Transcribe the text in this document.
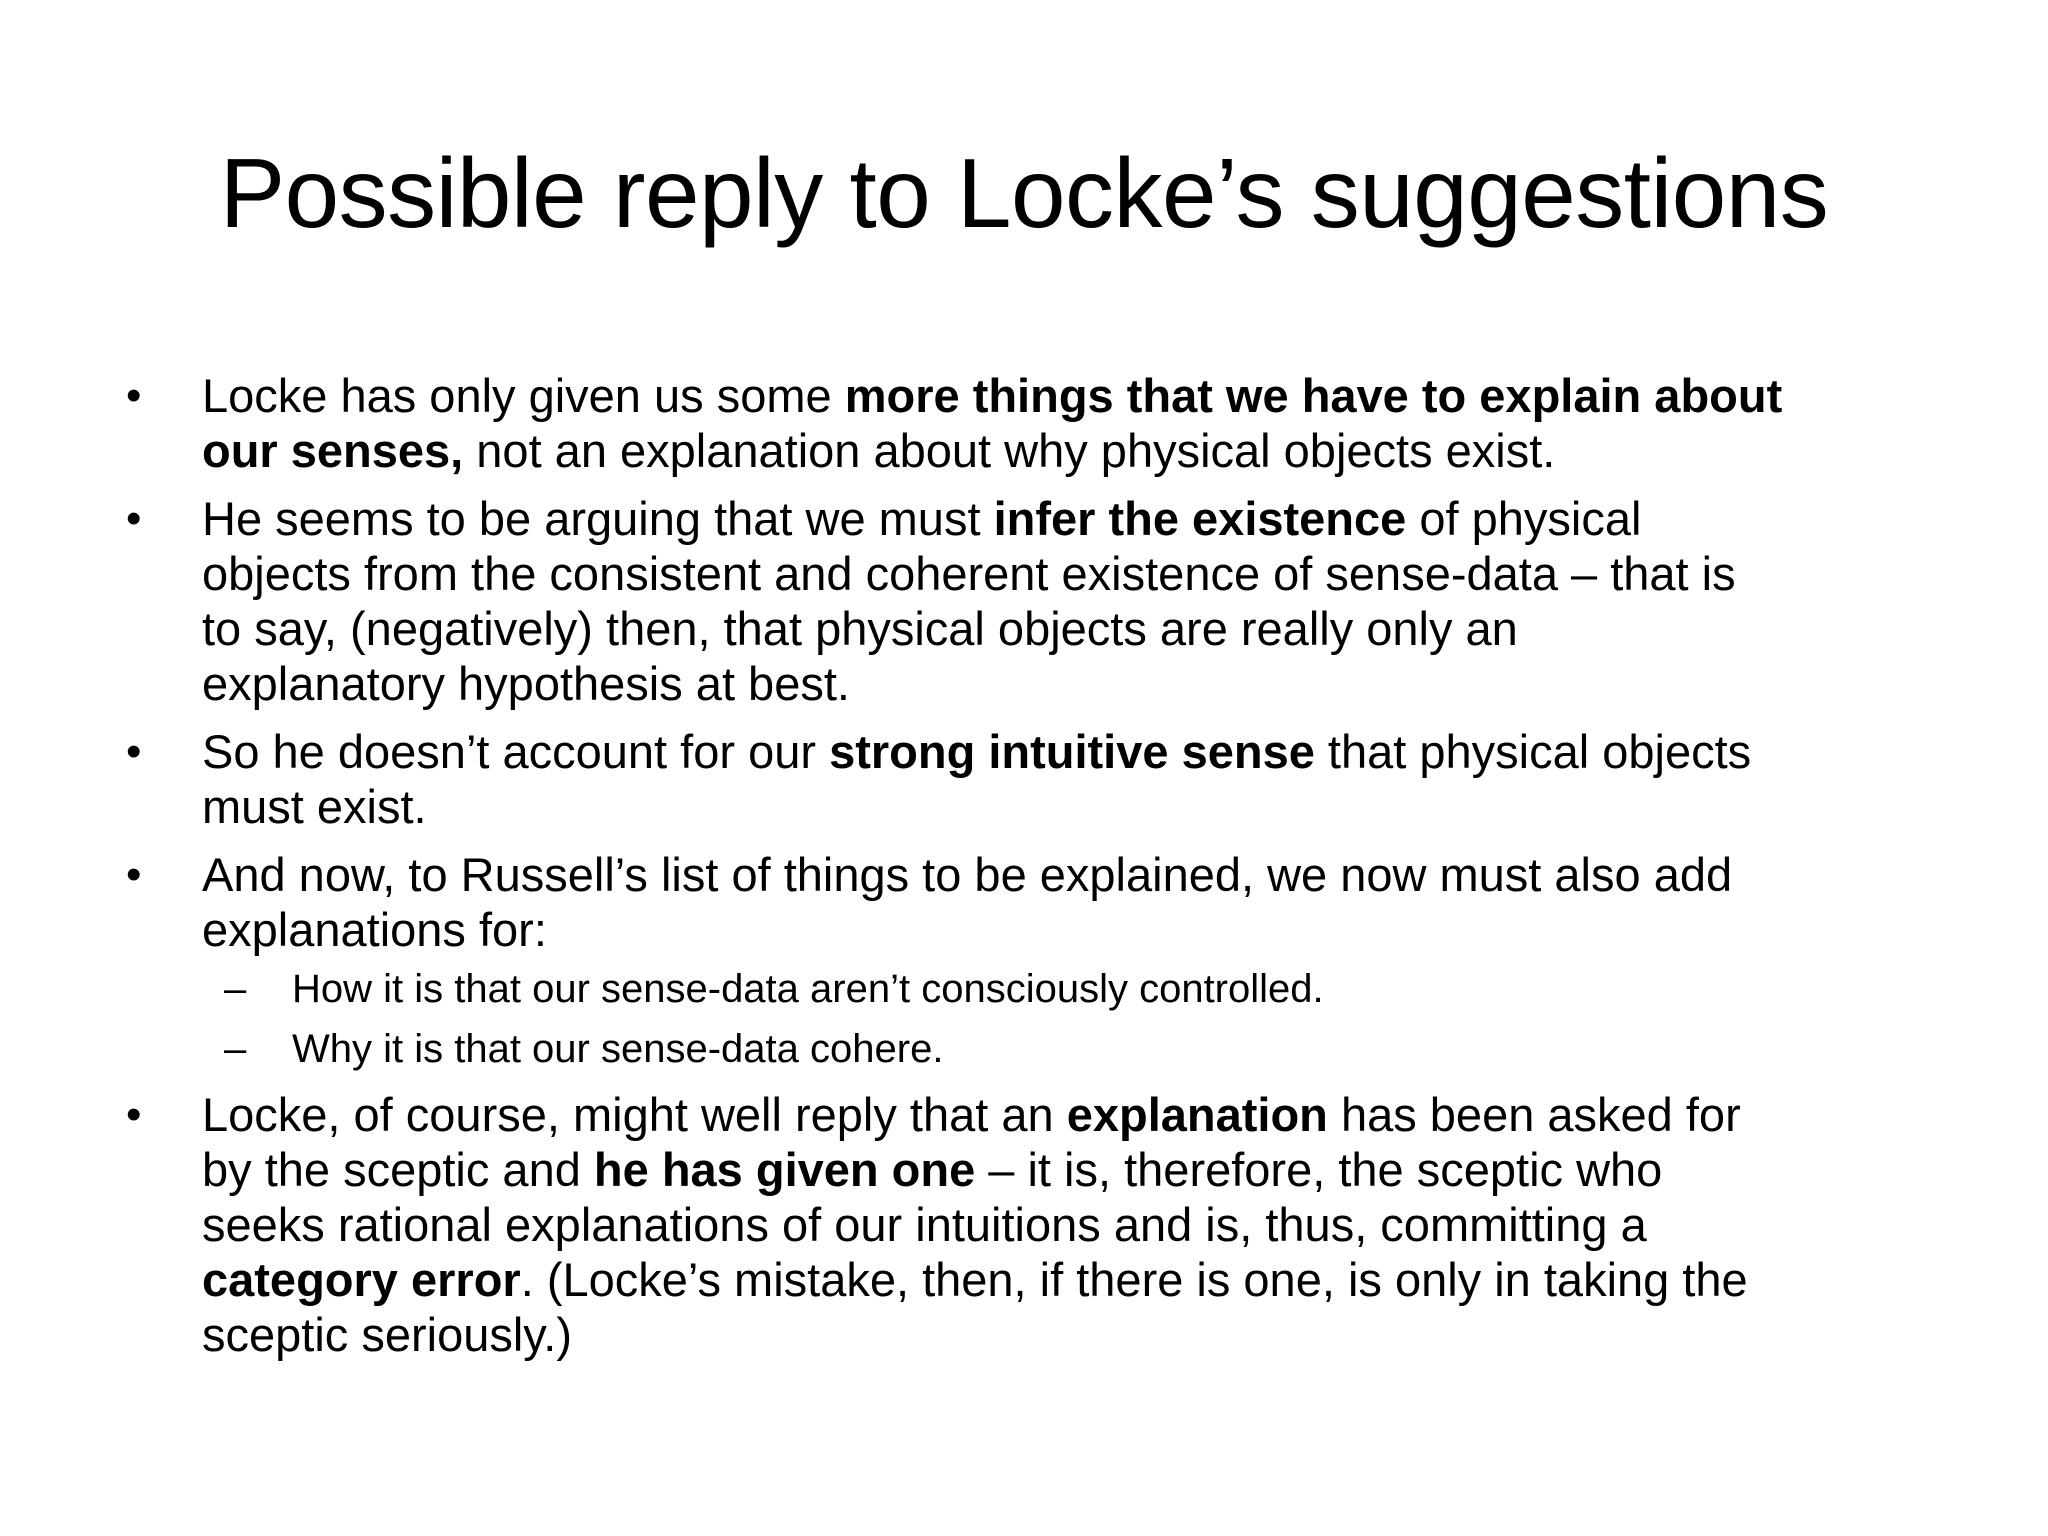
Possible reply to Locke’s suggestions
•	Locke has only given us some more things that we have to explain about
our senses, not an explanation about why physical objects exist.
•	He seems to be arguing that we must infer the existence of physical
objects from the consistent and coherent existence of sense-data – that is
to say, (negatively) then, that physical objects are really only an
explanatory hypothesis at best.
•	So he doesn’t account for our strong intuitive sense that physical objects
must exist.
•	And now, to Russell’s list of things to be explained, we now must also add
explanations for:
– How it is that our sense-data aren’t consciously controlled.
– Why it is that our sense-data cohere.
•	Locke, of course, might well reply that an explanation has been asked for
by the sceptic and he has given one – it is, therefore, the sceptic who
seeks rational explanations of our intuitions and is, thus, committing a
category error. (Locke’s mistake, then, if there is one, is only in taking the
sceptic seriously.)
